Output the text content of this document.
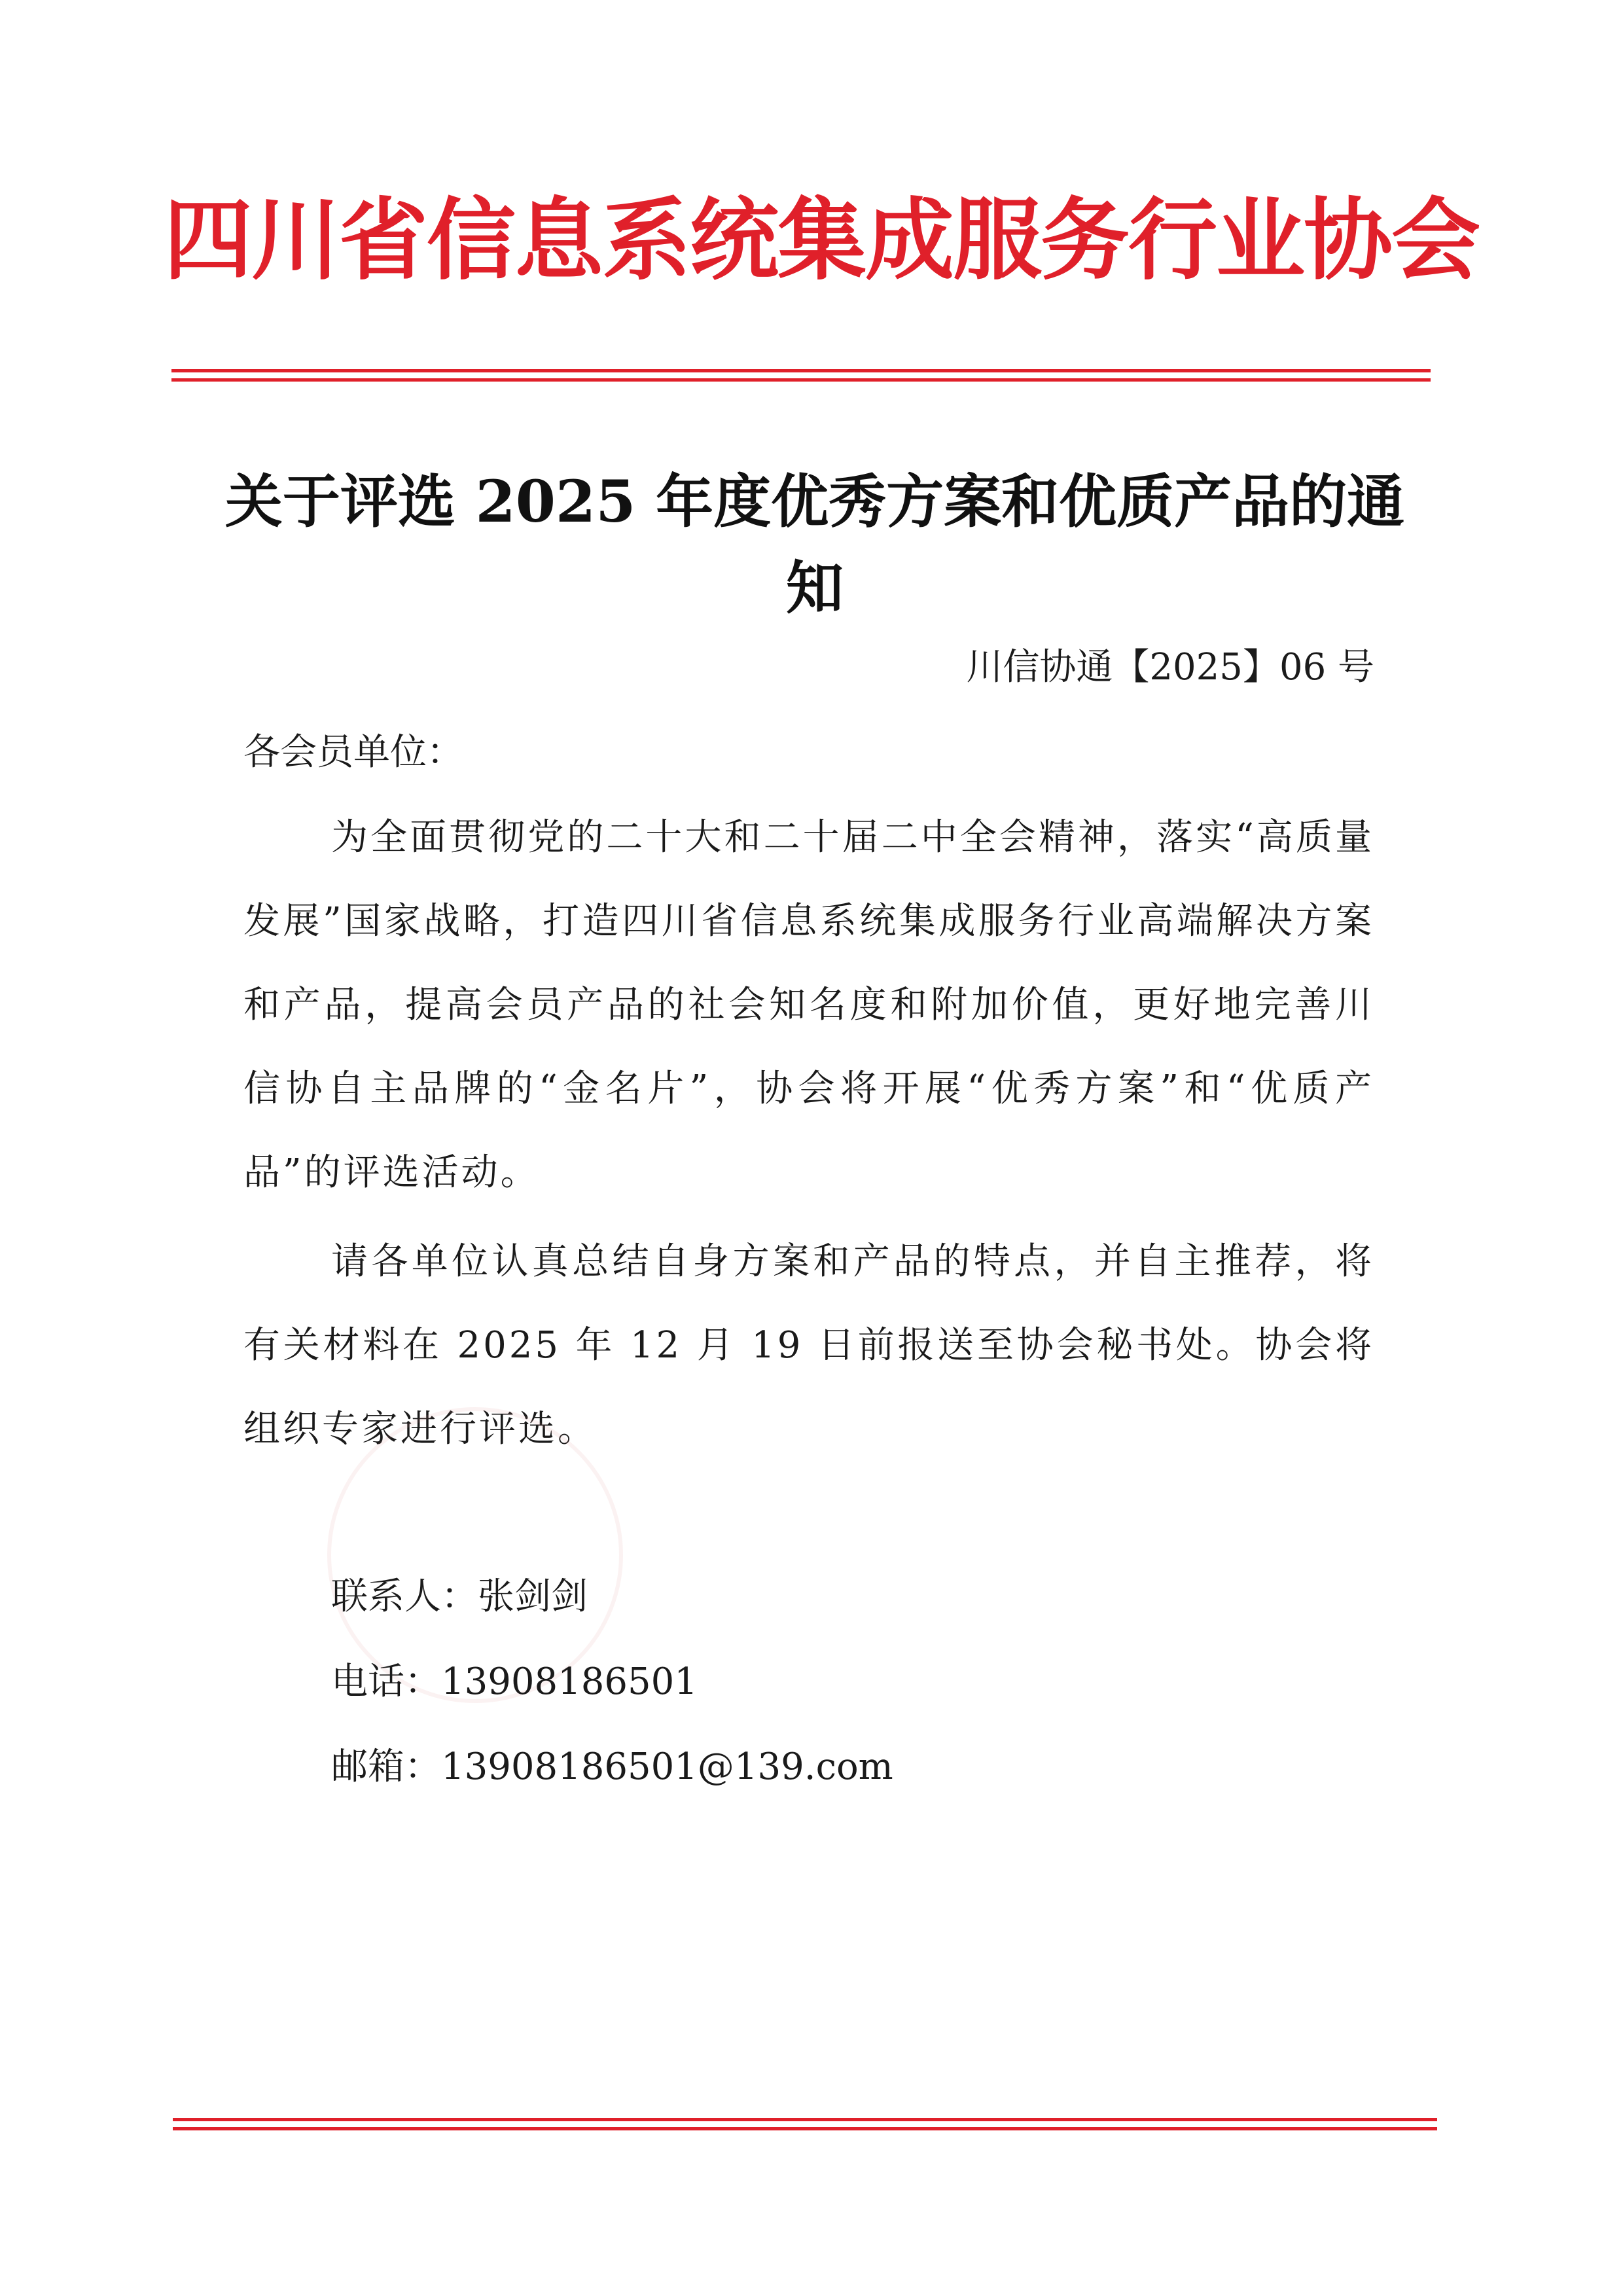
四川省信息系统集成服务行业协会
关于评选 2025 年度优秀方案和优质产品的通知
川信协通【2025】06 号
各会员单位：
为全面贯彻党的二十大和二十届二中全会精神，落实“高质量发展”国家战略，打造四川省信息系统集成服务行业高端解决方案和产品，提高会员产品的社会知名度和附加价值，更好地完善川信协自主品牌的“金名片”，协会将开展“优秀方案”和“优质产品”的评选活动。
请各单位认真总结自身方案和产品的特点，并自主推荐，将有关材料在 2025 年 12 月 19 日前报送至协会秘书处。协会将组织专家进行评选。
联系人：张剑剑
电话：13908186501
邮箱：13908186501@139.com
